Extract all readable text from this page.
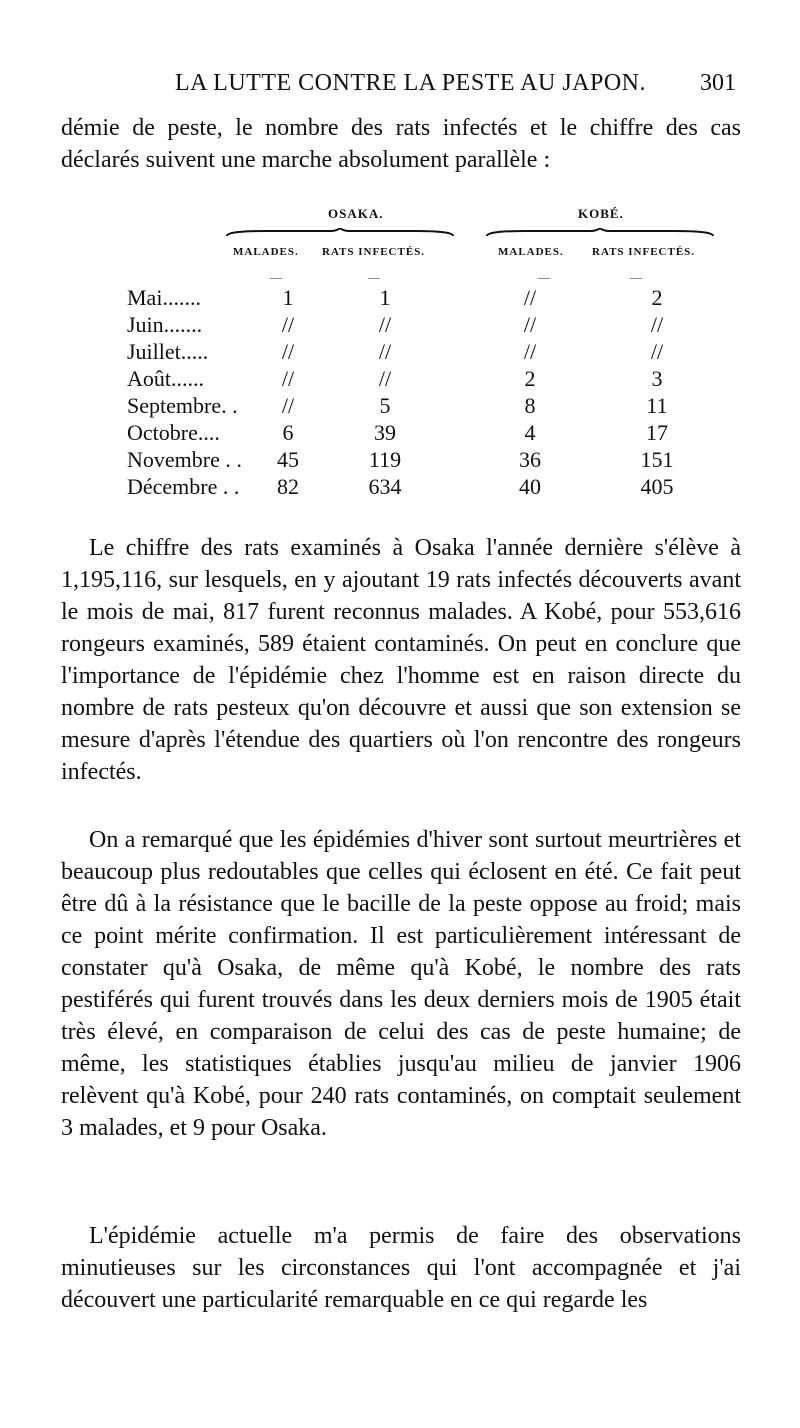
LA LUTTE CONTRE LA PESTE AU JAPON. 301

démie de peste, le nombre des rats infectés et le chiffre des cas déclarés suivent une marche absolument parallèle :

OSAKA.	KOBÉ.
MALADES. RATS INFECTÉS.	MALADES.	RATS INFECTÉS.
—	—	—	—
Mai.......	1	1	//	2
Juin.......	//	//	//	//
Juillet.....	//	//	//	//
Août......	//	//	2	3
Septembre. .	//	5	8	11
Octobre....	6	39	4	17
Novembre . .	45	119	36	151
Décembre . .	82	634	40	405

Le chiffre des rats examinés à Osaka l'année dernière s'élève à 1,195,116, sur lesquels, en y ajoutant 19 rats infectés découverts avant le mois de mai, 817 furent reconnus malades. A Kobé, pour 553,616 rongeurs examinés, 589 étaient contaminés. On peut en conclure que l'importance de l'épidémie chez l'homme est en raison directe du nombre de rats pesteux qu'on découvre et aussi que son extension se mesure d'après l'étendue des quartiers où l'on rencontre des rongeurs infectés.

On a remarqué que les épidémies d'hiver sont surtout meurtrières et beaucoup plus redoutables que celles qui éclosent en été. Ce fait peut être dû à la résistance que le bacille de la peste oppose au froid; mais ce point mérite confirmation. Il est particulièrement intéressant de constater qu'à Osaka, de même qu'à Kobé, le nombre des rats pestiférés qui furent trouvés dans les deux derniers mois de 1905 était très élevé, en comparaison de celui des cas de peste humaine; de même, les statistiques établies jusqu'au milieu de janvier 1906 relèvent qu'à Kobé, pour 240 rats contaminés, on comptait seulement 3 malades, et 9 pour Osaka.

L'épidémie actuelle m'a permis de faire des observations minutieuses sur les circonstances qui l'ont accompagnée et j'ai découvert une particularité remarquable en ce qui regarde les
